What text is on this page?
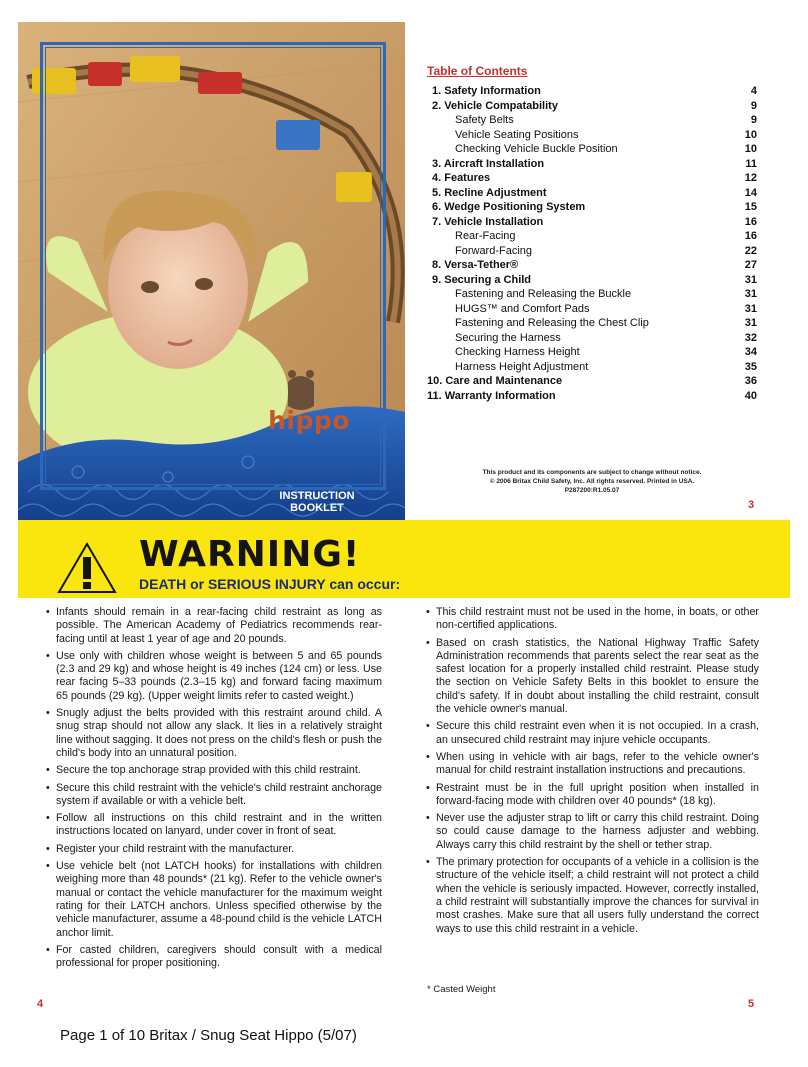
hippo
INSTRUCTION BOOKLET
Table of Contents
1. Safety Information	4
2. Vehicle Compatability	9
Safety Belts	9
Vehicle Seating Positions	10
Checking Vehicle Buckle Position	10
3. Aircraft Installation	11
4. Features	12
5. Recline Adjustment	14
6. Wedge Positioning System	15
7. Vehicle Installation	16
Rear-Facing	16
Forward-Facing	22
8. Versa-Tether®	27
9. Securing a Child	31
Fastening and Releasing the Buckle	31
HUGS™ and Comfort Pads	31
Fastening and Releasing the Chest Clip	31
Securing the Harness	32
Checking Harness Height	34
Harness Height Adjustment	35
10. Care and Maintenance	36
11. Warranty Information	40
This product and its components are subject to change without notice.
© 2006 Britax Child Safety, Inc. All rights reserved. Printed in USA.
P287200:R1.05.07
3
WARNING!
DEATH or SERIOUS INJURY can occur:
• Infants should remain in a rear-facing child restraint as long as possible. The American Academy of Pediatrics recommends rear-facing until at least 1 year of age and 20 pounds.
• Use only with children whose weight is between 5 and 65 pounds (2.3 and 29 kg) and whose height is 49 inches (124 cm) or less. Use rear facing 5–33 pounds (2.3–15 kg) and forward facing maximum 65 pounds (29 kg). (Upper weight limits refer to casted weight.)
• Snugly adjust the belts provided with this restraint around child. A snug strap should not allow any slack. It lies in a relatively straight line without sagging. It does not press on the child's flesh or push the child's body into an unnatural position.
• Secure the top anchorage strap provided with this child restraint.
• Secure this child restraint with the vehicle's child restraint anchorage system if available or with a vehicle belt.
• Follow all instructions on this child restraint and in the written instructions located on lanyard, under cover in front of seat.
• Register your child restraint with the manufacturer.
• Use vehicle belt (not LATCH hooks) for installations with children weighing more than 48 pounds* (21 kg). Refer to the vehicle owner's manual or contact the vehicle manufacturer for the maximum weight rating for their LATCH anchors. Unless specified otherwise by the vehicle manufacturer, assume a 48-pound child is the vehicle LATCH anchor limit.
• For casted children, caregivers should consult with a medical professional for proper positioning.
• This child restraint must not be used in the home, in boats, or other non-certified applications.
• Based on crash statistics, the National Highway Traffic Safety Administration recommends that parents select the rear seat as the safest location for a properly installed child restraint. Please study the section on Vehicle Safety Belts in this booklet to ensure the child's safety. If in doubt about installing the child restraint, consult the vehicle owner's manual.
• Secure this child restraint even when it is not occupied. In a crash, an unsecured child restraint may injure vehicle occupants.
• When using in vehicle with air bags, refer to the vehicle owner's manual for child restraint installation instructions and precautions.
• Restraint must be in the full upright position when installed in forward-facing mode with children over 40 pounds* (18 kg).
• Never use the adjuster strap to lift or carry this child restraint. Doing so could cause damage to the harness adjuster and webbing. Always carry this child restraint by the shell or tether strap.
• The primary protection for occupants of a vehicle in a collision is the structure of the vehicle itself; a child restraint will not protect a child when the vehicle is seriously impacted. However, correctly installed, a child restraint will substantially improve the chances for survival in most crashes. Make sure that all users fully understand the correct ways to use this child restraint in a vehicle.
* Casted Weight
4	5
Page 1 of 10 Britax / Snug Seat Hippo (5/07)
